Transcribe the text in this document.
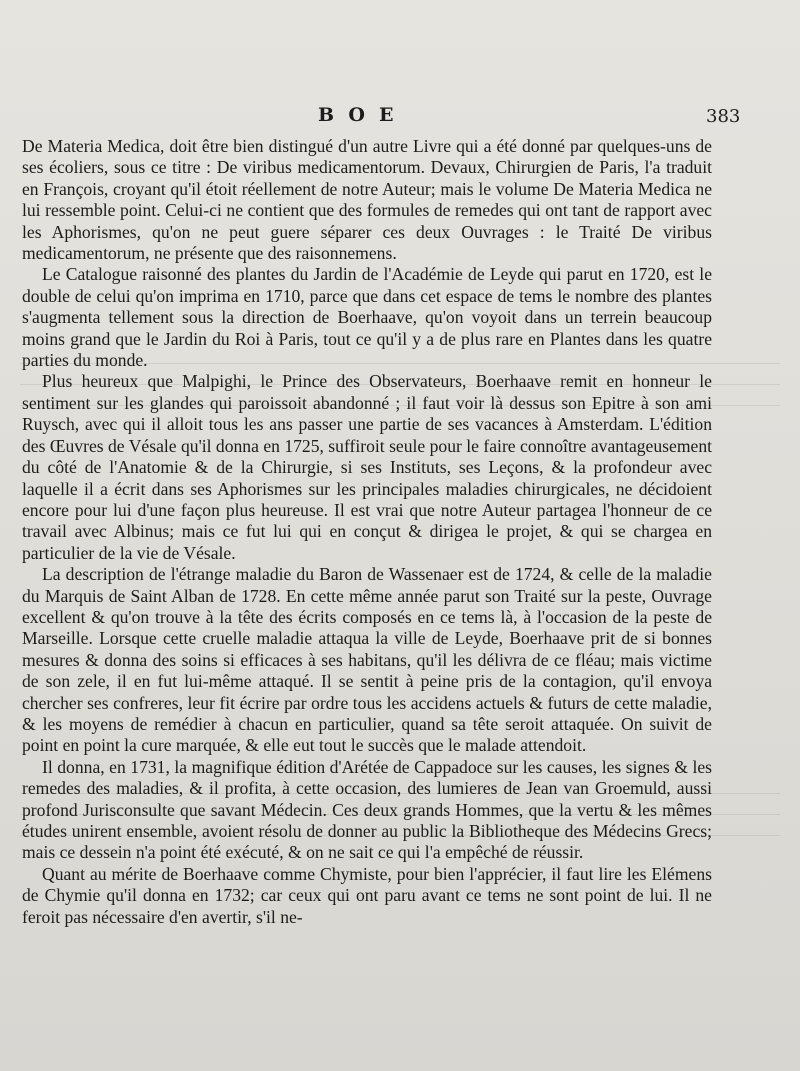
BOE	383

De Materia Medica, doit être bien distingué d'un autre Livre qui a été donné par quelques-uns de ses écoliers, sous ce titre : De viribus medicamentorum. Devaux, Chirurgien de Paris, l'a traduit en François, croyant qu'il étoit réellement de notre Auteur; mais le volume De Materia Medica ne lui ressemble point. Celui-ci ne contient que des formules de remedes qui ont tant de rapport avec les Aphorismes, qu'on ne peut guere séparer ces deux Ouvrages : le Traité De viribus medicamentorum, ne présente que des raisonnemens.

Le Catalogue raisonné des plantes du Jardin de l'Académie de Leyde qui parut en 1720, est le double de celui qu'on imprima en 1710, parce que dans cet espace de tems le nombre des plantes s'augmenta tellement sous la direction de Boerhaave, qu'on voyoit dans un terrein beaucoup moins grand que le Jardin du Roi à Paris, tout ce qu'il y a de plus rare en Plantes dans les quatre parties du monde.

Plus heureux que Malpighi, le Prince des Observateurs, Boerhaave remit en honneur le sentiment sur les glandes qui paroissoit abandonné ; il faut voir là dessus son Epitre à son ami Ruysch, avec qui il alloit tous les ans passer une partie de ses vacances à Amsterdam. L'édition des Œuvres de Vésale qu'il donna en 1725, suffiroit seule pour le faire connoître avantageusement du côté de l'Anatomie & de la Chirurgie, si ses Instituts, ses Leçons, & la profondeur avec laquelle il a écrit dans ses Aphorismes sur les principales maladies chirurgicales, ne décidoient encore pour lui d'une façon plus heureuse. Il est vrai que notre Auteur partagea l'honneur de ce travail avec Albinus; mais ce fut lui qui en conçut & dirigea le projet, & qui se chargea en particulier de la vie de Vésale.

La description de l'étrange maladie du Baron de Wassenaer est de 1724, & celle de la maladie du Marquis de Saint Alban de 1728. En cette même année parut son Traité sur la peste, Ouvrage excellent & qu'on trouve à la tête des écrits composés en ce tems là, à l'occasion de la peste de Marseille. Lorsque cette cruelle maladie attaqua la ville de Leyde, Boerhaave prit de si bonnes mesures & donna des soins si efficaces à ses habitans, qu'il les délivra de ce fléau; mais victime de son zele, il en fut lui-même attaqué. Il se sentit à peine pris de la contagion, qu'il envoya chercher ses confreres, leur fit écrire par ordre tous les accidens actuels & futurs de cette maladie, & les moyens de remédier à chacun en particulier, quand sa tête seroit attaquée. On suivit de point en point la cure marquée, & elle eut tout le succès que le malade attendoit.

Il donna, en 1731, la magnifique édition d'Arétée de Cappadoce sur les causes, les signes & les remedes des maladies, & il profita, à cette occasion, des lumieres de Jean van Groemuld, aussi profond Jurisconsulte que savant Médecin. Ces deux grands Hommes, que la vertu & les mêmes études unirent ensemble, avoient résolu de donner au public la Bibliotheque des Médecins Grecs; mais ce dessein n'a point été exécuté, & on ne sait ce qui l'a empêché de réussir.

Quant au mérite de Boerhaave comme Chymiste, pour bien l'apprécier, il faut lire les Elémens de Chymie qu'il donna en 1732; car ceux qui ont paru avant ce tems ne sont point de lui. Il ne feroit pas nécessaire d'en avertir, s'il ne-
